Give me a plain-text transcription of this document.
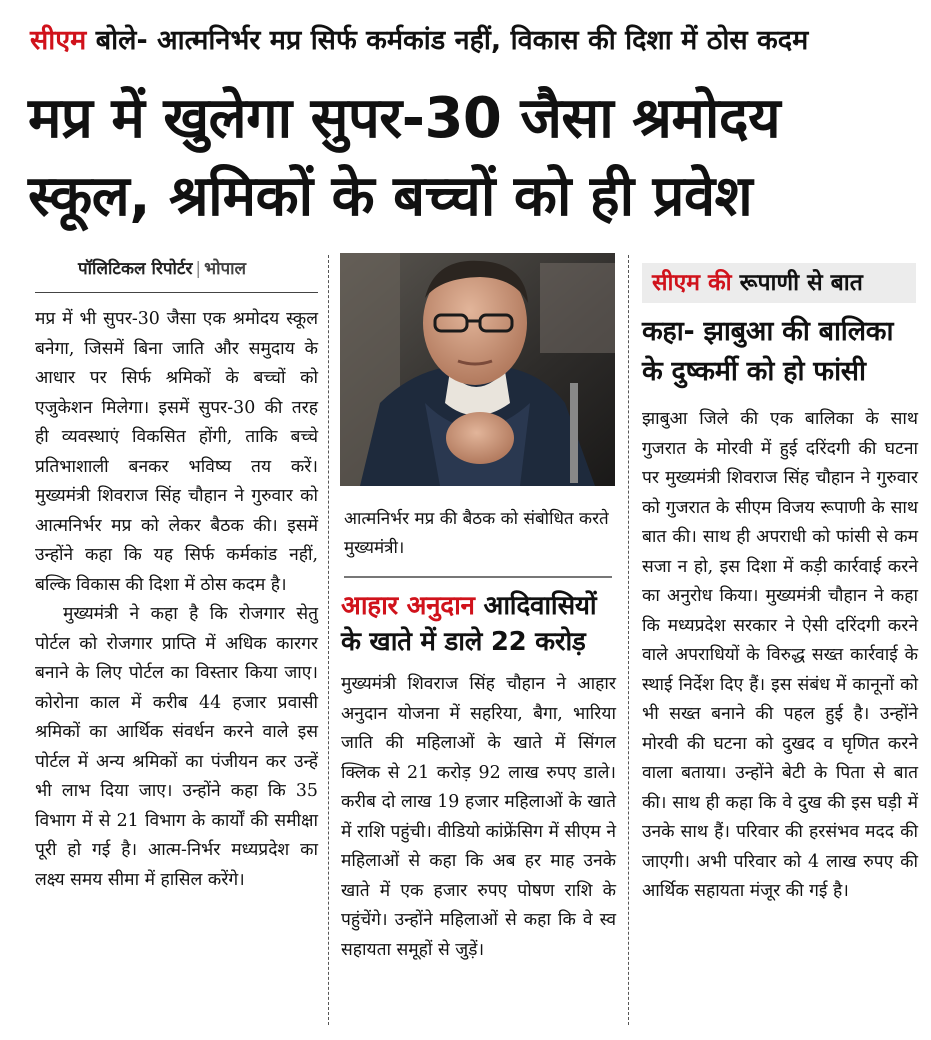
सीएम बोले- आत्मनिर्भर मप्र सिर्फ कर्मकांड नहीं, विकास की दिशा में ठोस कदम
मप्र में खुलेगा सुपर-30 जैसा श्रमोदय स्कूल, श्रमिकों के बच्चों को ही प्रवेश
पॉलिटिकल रिपोर्टर | भोपाल

मप्र में भी सुपर-30 जैसा एक श्रमोदय स्कूल बनेगा, जिसमें बिना जाति और समुदाय के आधार पर सिर्फ श्रमिकों के बच्चों को एजुकेशन मिलेगा। इसमें सुपर-30 की तरह ही व्यवस्थाएं विकसित होंगी, ताकि बच्चे प्रतिभाशाली बनकर भविष्य तय करें। मुख्यमंत्री शिवराज सिंह चौहान ने गुरुवार को आत्मनिर्भर मप्र को लेकर बैठक की। इसमें उन्होंने कहा कि यह सिर्फ कर्मकांड नहीं, बल्कि विकास की दिशा में ठोस कदम है।

मुख्यमंत्री ने कहा है कि रोजगार सेतु पोर्टल को रोजगार प्राप्ति में अधिक कारगर बनाने के लिए पोर्टल का विस्तार किया जाए। कोरोना काल में करीब 44 हजार प्रवासी श्रमिकों का आर्थिक संवर्धन करने वाले इस पोर्टल में अन्य श्रमिकों का पंजीयन कर उन्हें भी लाभ दिया जाए। उन्होंने कहा कि 35 विभाग में से 21 विभाग के कार्यों की समीक्षा पूरी हो गई है। आत्म-निर्भर मध्यप्रदेश का लक्ष्य समय सीमा में हासिल करेंगे।

आत्मनिर्भर मप्र की बैठक को संबोधित करते मुख्यमंत्री।
आहार अनुदान आदिवासियों के खाते में डाले 22 करोड़

मुख्यमंत्री शिवराज सिंह चौहान ने आहार अनुदान योजना में सहरिया, बैगा, भारिया जाति की महिलाओं के खाते में सिंगल क्लिक से 21 करोड़ 92 लाख रुपए डाले। करीब दो लाख 19 हजार महिलाओं के खाते में राशि पहुंची। वीडियो कांफ्रेंसिग में सीएम ने महिलाओं से कहा कि अब हर माह उनके खाते में एक हजार रुपए पोषण राशि के पहुंचेंगे। उन्होंने महिलाओं से कहा कि वे स्व सहायता समूहों से जुड़ें।

सीएम की रूपाणी से बात
कहा- झाबुआ की बालिका के दुष्कर्मी को हो फांसी

झाबुआ जिले की एक बालिका के साथ गुजरात के मोरवी में हुई दरिंदगी की घटना पर मुख्यमंत्री शिवराज सिंह चौहान ने गुरुवार को गुजरात के सीएम विजय रूपाणी के साथ बात की। साथ ही अपराधी को फांसी से कम सजा न हो, इस दिशा में कड़ी कार्रवाई करने का अनुरोध किया। मुख्यमंत्री चौहान ने कहा कि मध्यप्रदेश सरकार ने ऐसी दरिंदगी करने वाले अपराधियों के विरुद्ध सख्त कार्रवाई के स्थाई निर्देश दिए हैं। इस संबंध में कानूनों को भी सख्त बनाने की पहल हुई है। उन्होंने मोरवी की घटना को दुखद व घृणित करने वाला बताया। उन्होंने बेटी के पिता से बात की। साथ ही कहा कि वे दुख की इस घड़ी में उनके साथ हैं। परिवार की हरसंभव मदद की जाएगी। अभी परिवार को 4 लाख रुपए की आर्थिक सहायता मंजूर की गई है।
